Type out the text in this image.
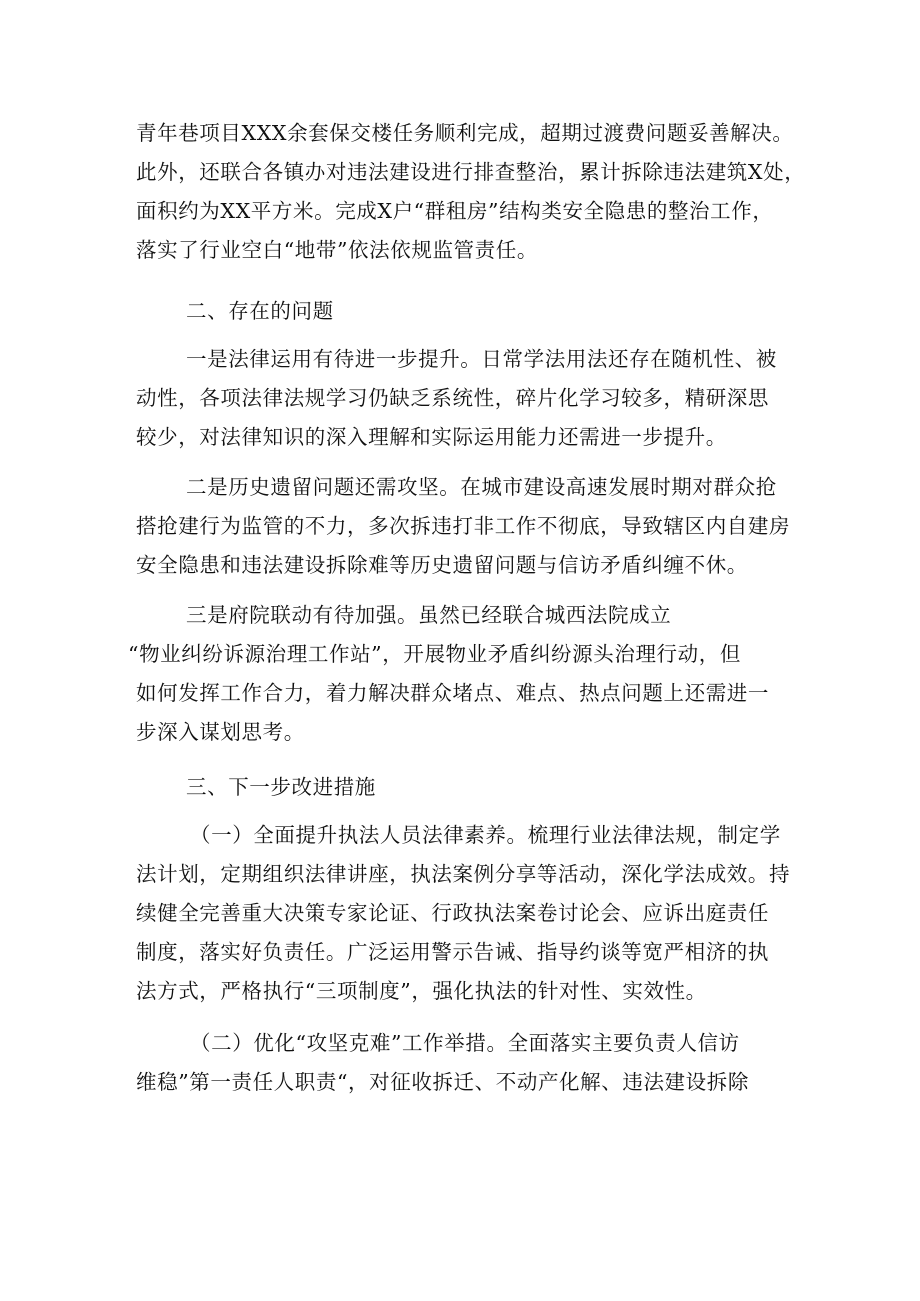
青年巷项目XXX余套保交楼任务顺利完成，超期过渡费问题妥善解决。
此外，还联合各镇办对违法建设进行排查整治，累计拆除违法建筑X处，
面积约为XX平方米。完成X户“群租房”结构类安全隐患的整治工作，
落实了行业空白“地带”依法依规监管责任。
二、存在的问题
一是法律运用有待进一步提升。日常学法用法还存在随机性、被
动性，各项法律法规学习仍缺乏系统性，碎片化学习较多，精研深思
较少，对法律知识的深入理解和实际运用能力还需进一步提升。
二是历史遗留问题还需攻坚。在城市建设高速发展时期对群众抢
搭抢建行为监管的不力，多次拆违打非工作不彻底，导致辖区内自建房
安全隐患和违法建设拆除难等历史遗留问题与信访矛盾纠缠不休。
三是府院联动有待加强。虽然已经联合城西法院成立
“物业纠纷诉源治理工作站”，开展物业矛盾纠纷源头治理行动，但
如何发挥工作合力，着力解决群众堵点、难点、热点问题上还需进一
步深入谋划思考。
三、下一步改进措施
（一）全面提升执法人员法律素养。梳理行业法律法规，制定学
法计划，定期组织法律讲座，执法案例分享等活动，深化学法成效。持
续健全完善重大决策专家论证、行政执法案卷讨论会、应诉出庭责任
制度，落实好负责任。广泛运用警示告诫、指导约谈等宽严相济的执
法方式，严格执行“三项制度”，强化执法的针对性、实效性。
（二）优化“攻坚克难”工作举措。全面落实主要负责人信访
维稳”第一责任人职责“，对征收拆迁、不动产化解、违法建设拆除
